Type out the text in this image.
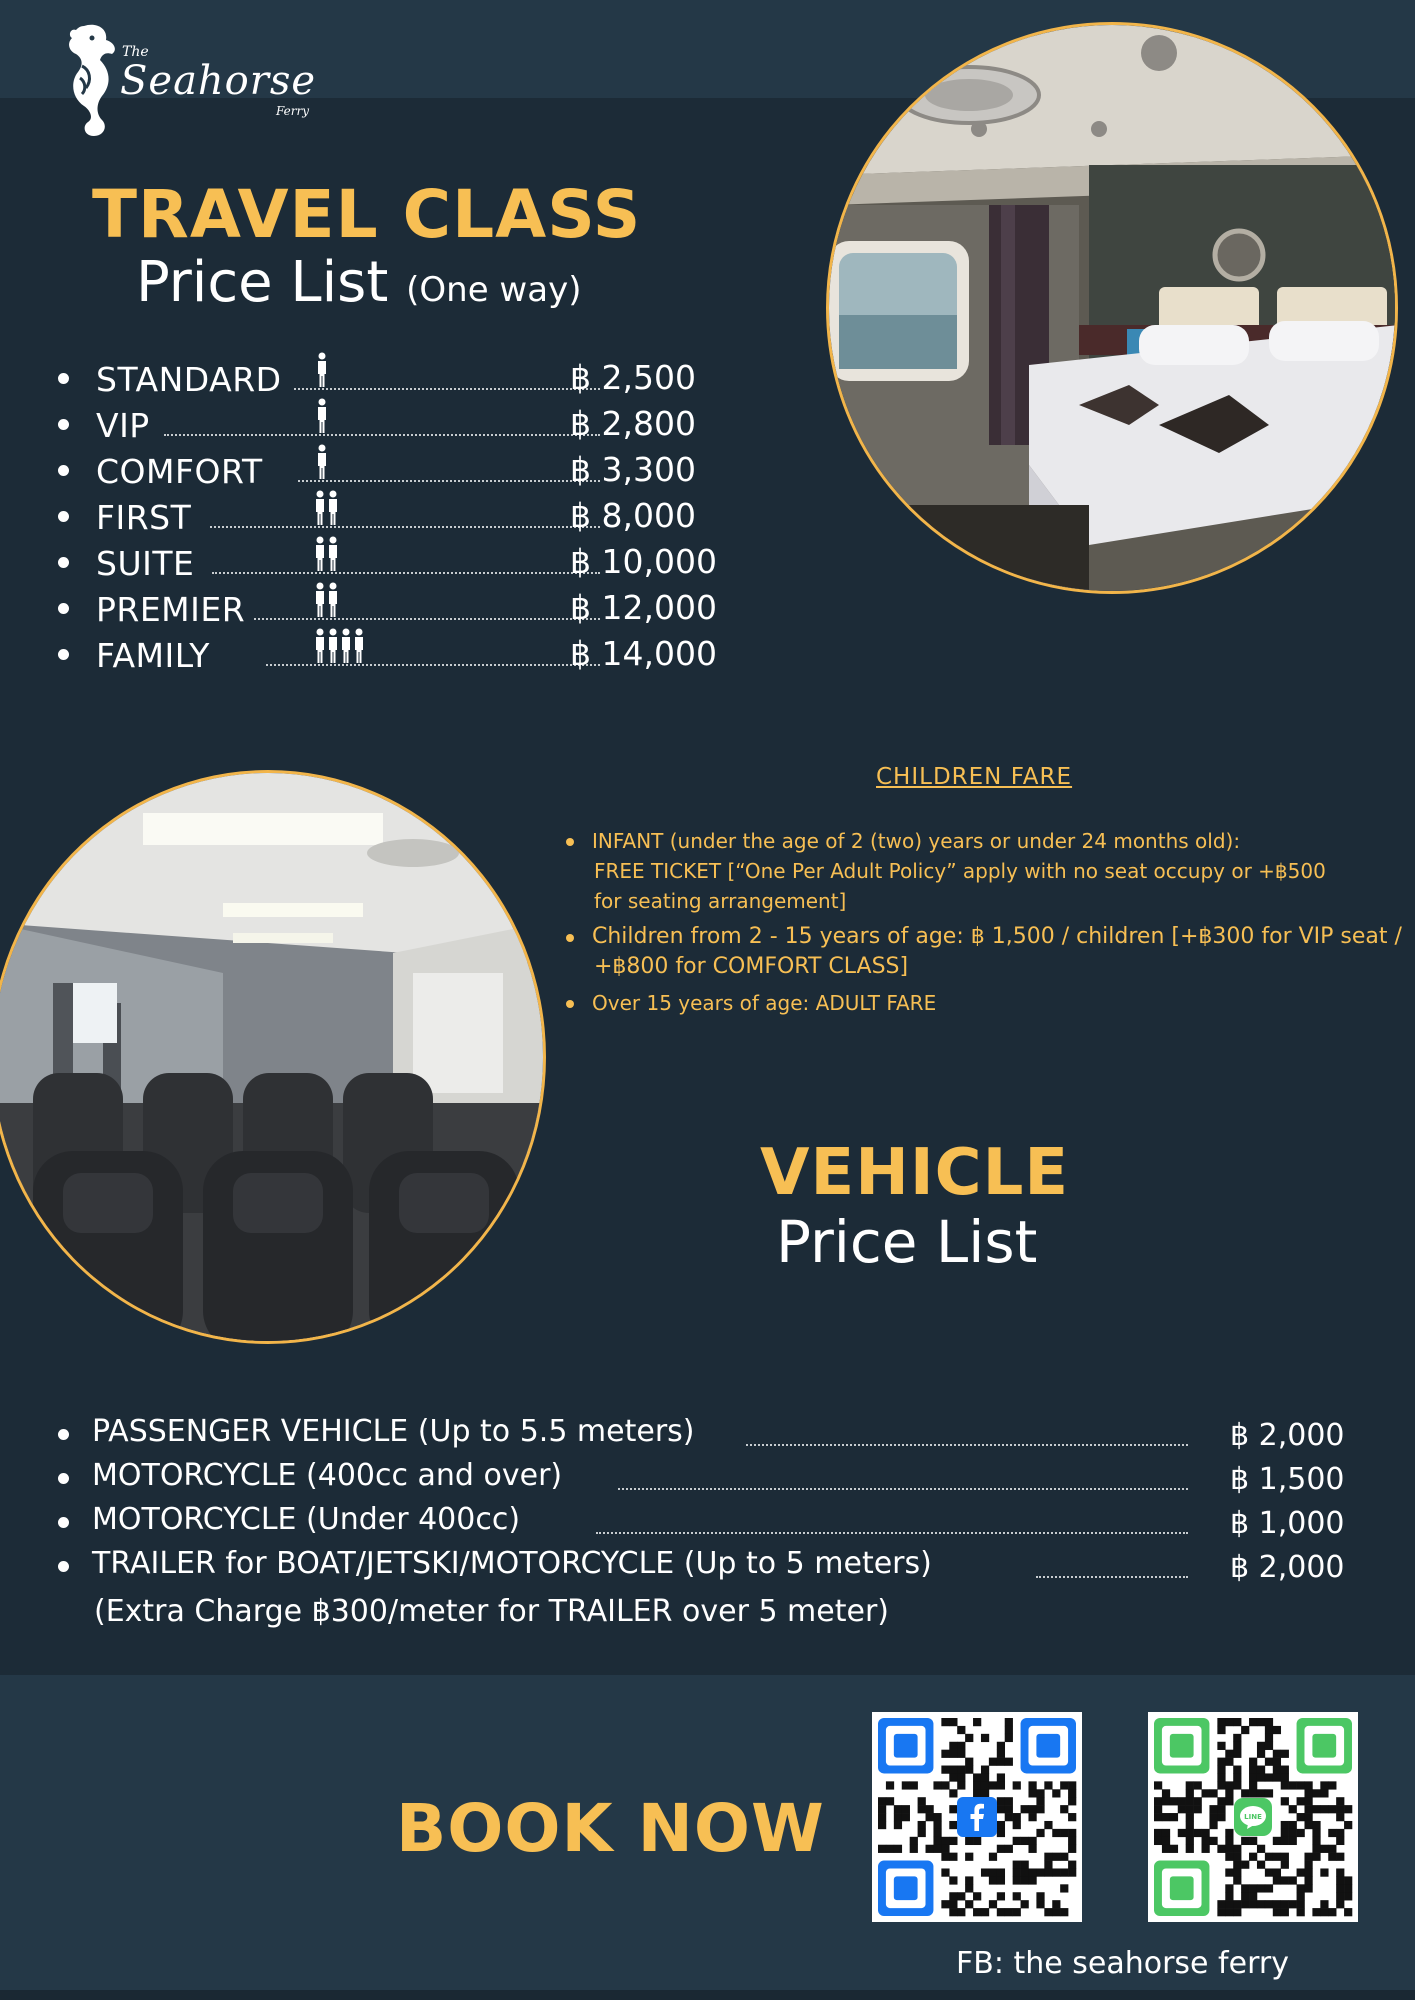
The
Seahorse
Ferry
TRAVEL CLASS
Price List (One way)
STANDARD	฿ 2,500
VIP	฿ 2,800
COMFORT	฿ 3,300
FIRST	฿ 8,000
SUITE	฿ 10,000
PREMIER	฿ 12,000
FAMILY	฿ 14,000
CHILDREN FARE
INFANT (under the age of 2 (two) years or under 24 months old):
FREE TICKET [“One Per Adult Policy” apply with no seat occupy or +฿500
for seating arrangement]
Children from 2 - 15 years of age: ฿ 1,500 / children [+฿300 for VIP seat /
+฿800 for COMFORT CLASS]
Over 15 years of age: ADULT FARE
VEHICLE
Price List
PASSENGER VEHICLE (Up to 5.5 meters)	฿ 2,000
MOTORCYCLE (400cc and over)	฿ 1,500
MOTORCYCLE (Under 400cc)	฿ 1,000
TRAILER for BOAT/JETSKI/MOTORCYCLE (Up to 5 meters)	฿ 2,000
(Extra Charge ฿300/meter for TRAILER over 5 meter)
BOOK NOW	LINE
FB: the seahorse ferry
